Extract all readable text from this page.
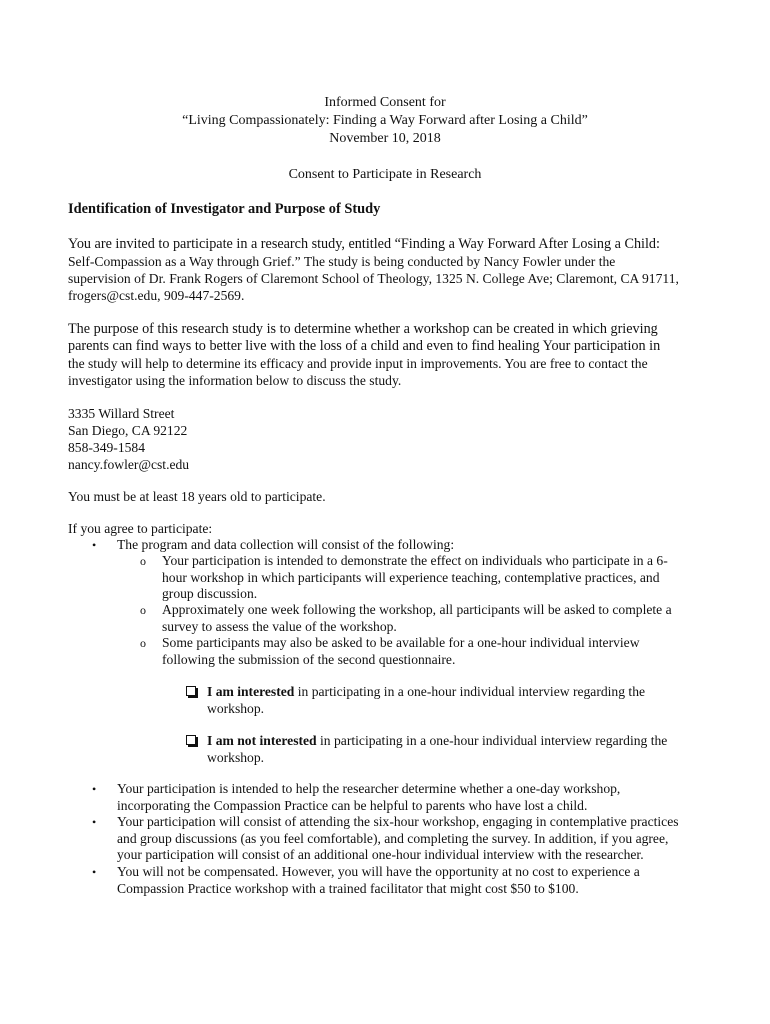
Informed Consent for
“Living Compassionately: Finding a Way Forward after Losing a Child”
November 10, 2018
Consent to Participate in Research
Identification of Investigator and Purpose of Study
You are invited to participate in a research study, entitled “Finding a Way Forward After Losing a Child:
Self-Compassion as a Way through Grief.” The study is being conducted by Nancy Fowler under the
supervision of Dr. Frank Rogers of Claremont School of Theology, 1325 N. College Ave; Claremont, CA 91711,
frogers@cst.edu, 909-447-2569.
The purpose of this research study is to determine whether a workshop can be created in which grieving
parents can find ways to better live with the loss of a child and even to find healing Your participation in
the study will help to determine its efficacy and provide input in improvements. You are free to contact the
investigator using the information below to discuss the study.
3335 Willard Street
San Diego, CA 92122
858-349-1584
nancy.fowler@cst.edu
You must be at least 18 years old to participate.
If you agree to participate:
•	The program and data collection will consist of the following:
o	Your participation is intended to demonstrate the effect on individuals who participate in a 6-
hour workshop in which participants will experience teaching, contemplative practices, and
group discussion.
o	Approximately one week following the workshop, all participants will be asked to complete a
survey to assess the value of the workshop.
o	Some participants may also be asked to be available for a one-hour individual interview
following the submission of the second questionnaire.
I am interested in participating in a one-hour individual interview regarding the
workshop.
I am not interested in participating in a one-hour individual interview regarding the
workshop.
•	Your participation is intended to help the researcher determine whether a one-day workshop,
incorporating the Compassion Practice can be helpful to parents who have lost a child.
•	Your participation will consist of attending the six-hour workshop, engaging in contemplative practices
and group discussions (as you feel comfortable), and completing the survey. In addition, if you agree,
your participation will consist of an additional one-hour individual interview with the researcher.
•	You will not be compensated. However, you will have the opportunity at no cost to experience a
Compassion Practice workshop with a trained facilitator that might cost $50 to $100.
